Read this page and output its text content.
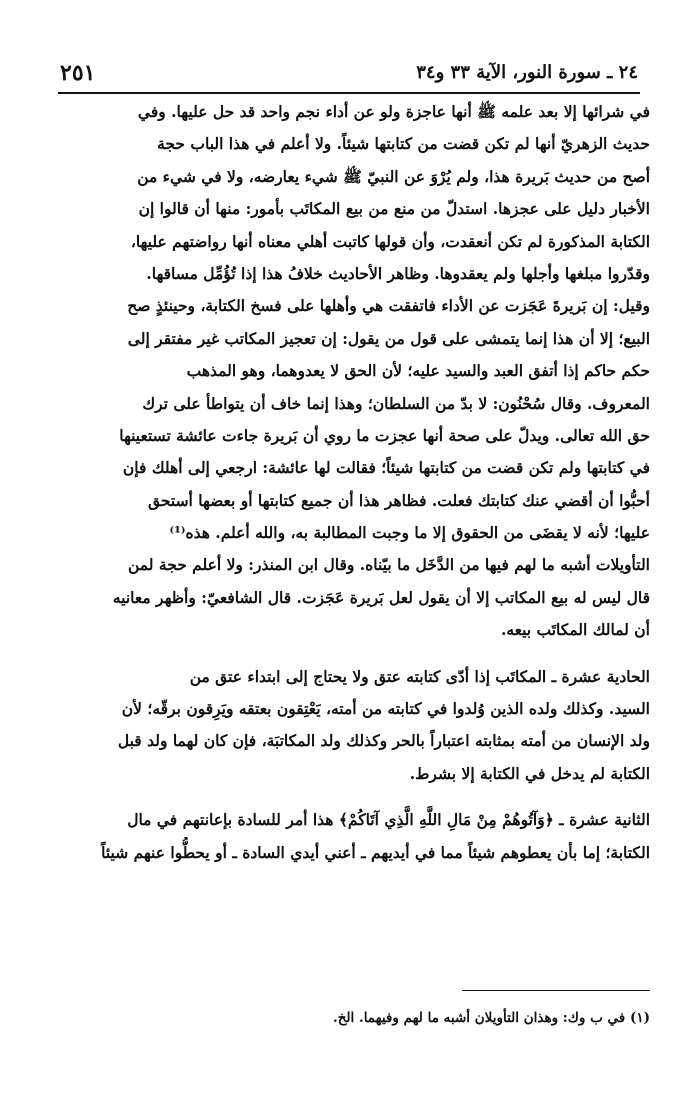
٢٤ ـ سورة النور، الآية ٣٣ و٣٤
٢٥١
في شرائها إلا بعد علمه ﷺ أنها عاجزة ولو عن أداء نجم واحد قد حل عليها. وفي
حديث الزهريّ أنها لم تكن قضت من كتابتها شيئاً. ولا أعلم في هذا الباب حجة
أصح من حديث بَريرة هذا، ولم يُرْوَ عن النبيّ ﷺ شيء يعارضه، ولا في شيء من
الأخبار دليل على عجزها. استدلّ من منع من بيع المكاتَب بأمور: منها أن قالوا إن
الكتابة المذكورة لم تكن أنعقدت، وأن قولها كاتبت أهلي معناه أنها رواضتهم عليها،
وقدّروا مبلغها وأجلها ولم يعقدوها. وظاهر الأحاديث خلافُ هذا إذا تُؤُمِّل مساقها.
وقيل: إن بَريرةَ عَجَزت عن الأداء فاتفقت هي وأهلها على فسخ الكتابة، وحينئذٍ صح
البيع؛ إلا أن هذا إنما يتمشى على قول من يقول: إن تعجيز المكاتب غير مفتقر إلى
حكم حاكم إذا أتفق العبد والسيد عليه؛ لأن الحق لا يعدوهما، وهو المذهب
المعروف. وقال سُحْنُون: لا بدّ من السلطان؛ وهذا إنما خاف أن يتواطأ على ترك
حق الله تعالى. ويدلّ على صحة أنها عجزت ما روي أن بَريرة جاءت عائشة تستعينها
في كتابتها ولم تكن قضت من كتابتها شيئاً؛ فقالت لها عائشة: ارجعي إلى أهلك فإن
أحبُّوا أن أقضي عنك كتابتك فعلت. فظاهر هذا أن جميع كتابتها أو بعضها أستحق
عليها؛ لأنه لا يقضَى من الحقوق إلا ما وجبت المطالبة به، والله أعلم. هذه⁽¹⁾
التأويلات أشبه ما لهم فيها من الدَّخَل ما بيّناه. وقال ابن المنذر: ولا أعلم حجة لمن
قال ليس له بيع المكاتب إلا أن يقول لعل بَريرة عَجَزت. قال الشافعيّ: وأظهر معانيه
أن لمالك المكاتَب بيعه.
الحادية عشرة ـ المكاتَب إذا أدّى كتابته عتق ولا يحتاج إلى ابتداء عتق من
السيد. وكذلك ولده الذين وُلدوا في كتابته من أمته، يَعْتِقون بعتقه ويَرِقون برقّه؛ لأن
ولد الإنسان من أمته بمثابته اعتباراً بالحر وكذلك ولد المكاتبَة، فإن كان لهما ولد قبل
الكتابة لم يدخل في الكتابة إلا بشرط.
الثانية عشرة ـ ﴿وَآتُوهُمْ مِنْ مَالِ اللَّهِ الَّذِي آتَاكُمْ﴾ هذا أمر للسادة بإعانتهم في مال
الكتابة؛ إما بأن يعطوهم شيئاً مما في أيديهم ـ أعني أيدي السادة ـ أو يحطُّوا عنهم شيئاً
(١) في ب وك: وهذان التأويلان أشبه ما لهم وفيهما. الخ.
